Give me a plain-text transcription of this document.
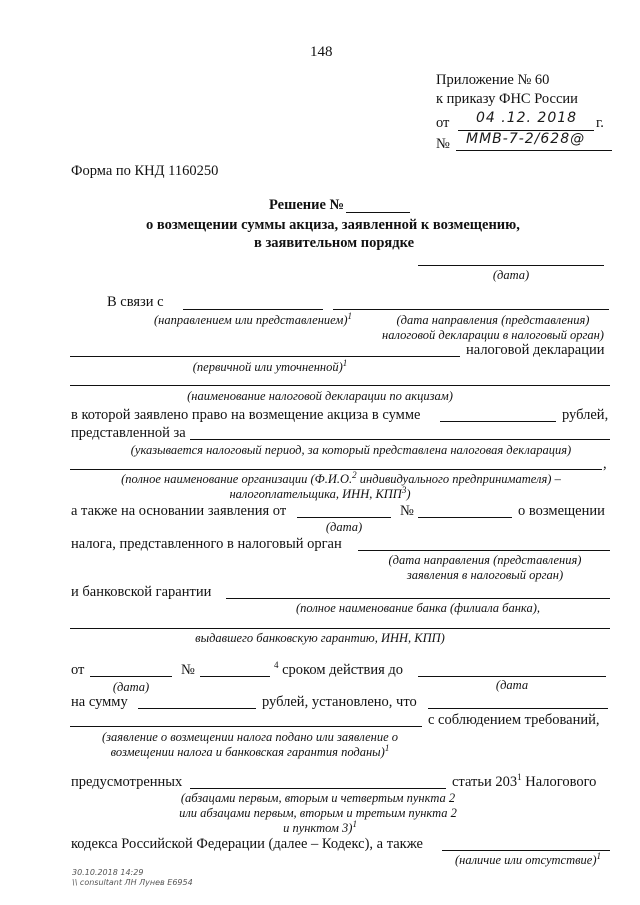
148
Приложение № 60
к приказу ФНС России
от 04 .12. 2018 г.
№ ММВ-7-2/628@
Форма по КНД 1160250
Решение №
о возмещении суммы акциза, заявленной к возмещению,
в заявительном порядке
(дата)
В связи с
(направлением или представлением)$^1$	(дата направления (представления)
налоговой декларации в налоговый орган)
налоговой декларации
(первичной или уточненной)$^1$
(наименование налоговой декларации по акцизам)
в которой заявлено право на возмещение акциза в сумме	рублей,
представленной за
(указывается налоговый период, за который представлена налоговая декларация)
,
(полное наименование организации (Ф.И.О.$^2$ индивидуального предпринимателя) –
налогоплательщика, ИНН, КПП$^3$)
а также на основании заявления от	№	о возмещении
(дата)
налога, представленного в налоговый орган
(дата направления (представления)
заявления в налоговый орган)
и банковской гарантии
(полное наименование банка (филиала банка),
выдавшего банковскую гарантию, ИНН, КПП)
от	№	$^4$ сроком действия до
(дата)	(дата
на сумму	рублей, установлено, что
с соблюдением требований,
(заявление о возмещении налога подано или заявление о
возмещении налога и банковская гарантия поданы)$^1$
предусмотренных	статьи $203^1$ Налогового
(абзацами первым, вторым и четвертым пункта 2
или абзацами первым, вторым и третьим пункта 2
и пунктом 3)$^1$
кодекса Российской Федерации (далее – Кодекс), а также
(наличие или отсутствие)$^1$
30.10.2018 14:29
\\ consultant ЛН Лунев Е6954
